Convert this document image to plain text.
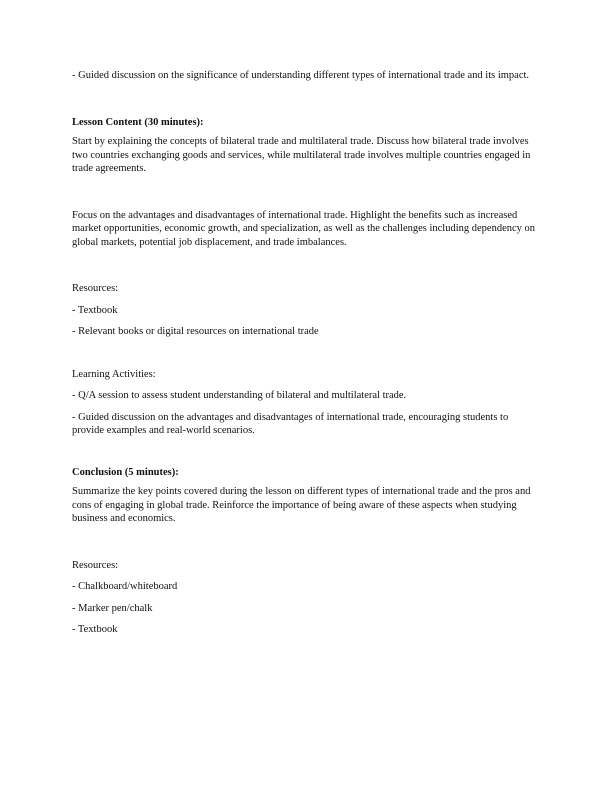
- Guided discussion on the significance of understanding different types of international trade and its impact.

Lesson Content (30 minutes):

Start by explaining the concepts of bilateral trade and multilateral trade. Discuss how bilateral trade involves two countries exchanging goods and services, while multilateral trade involves multiple countries engaged in trade agreements.

Focus on the advantages and disadvantages of international trade. Highlight the benefits such as increased market opportunities, economic growth, and specialization, as well as the challenges including dependency on global markets, potential job displacement, and trade imbalances.

Resources:

- Textbook

- Relevant books or digital resources on international trade

Learning Activities:

- Q/A session to assess student understanding of bilateral and multilateral trade.

- Guided discussion on the advantages and disadvantages of international trade, encouraging students to provide examples and real-world scenarios.

Conclusion (5 minutes):

Summarize the key points covered during the lesson on different types of international trade and the pros and cons of engaging in global trade. Reinforce the importance of being aware of these aspects when studying business and economics.

Resources:

- Chalkboard/whiteboard

- Marker pen/chalk

- Textbook
